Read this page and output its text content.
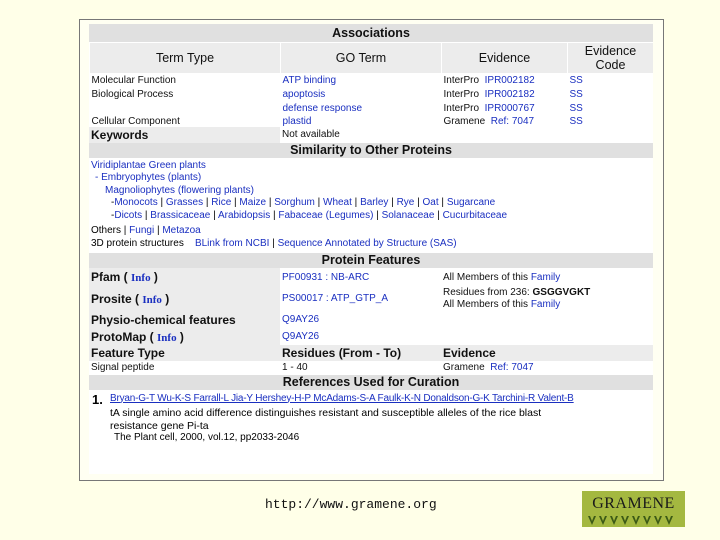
Associations
Term Type	GO Term	Evidence	Evidence
Code
Molecular Function	ATP binding	InterPro IPR002182	SS
Biological Process	apoptosis	InterPro IPR002182	SS
	defense response	InterPro IPR000767	SS
Cellular Component	plastid	Gramene Ref: 7047	SS
Keywords	Not available
Similarity to Other Proteins
Viridiplantae Green plants
- Embryophytes (plants)
Magnoliophytes (flowering plants)
-Monocots | Grasses | Rice | Maize | Sorghum | Wheat | Barley | Rye | Oat | Sugarcane
-Dicots | Brassicaceae | Arabidopsis | Fabaceae (Legumes) | Solanaceae | Cucurbitaceae
Others | Fungi | Metazoa
3D protein structures BLink from NCBI | Sequence Annotated by Structure (SAS)
Protein Features
Pfam ( Info )	PF00931 : NB-ARC	All Members of this Family
Prosite ( Info )	PS00017 : ATP_GTP_A	Residues from 236: GSGGVGKT
All Members of this Family
Physio-chemical features	Q9AY26	
ProtoMap ( Info )	Q9AY26	
Feature Type	Residues (From - To)	Evidence
Signal peptide	1 - 40	Gramene Ref: 7047
References Used for Curation
1. Bryan-G-T Wu-K-S Farrall-L Jia-Y Hershey-H-P McAdams-S-A Faulk-K-N Donaldson-G-K Tarchini-R Valent-B
tA single amino acid difference distinguishes resistant and susceptible alleles of the rice blast
resistance gene Pi-ta
The Plant cell, 2000, vol.12, pp2033-2046
http://www.gramene.org	GRAMENE
